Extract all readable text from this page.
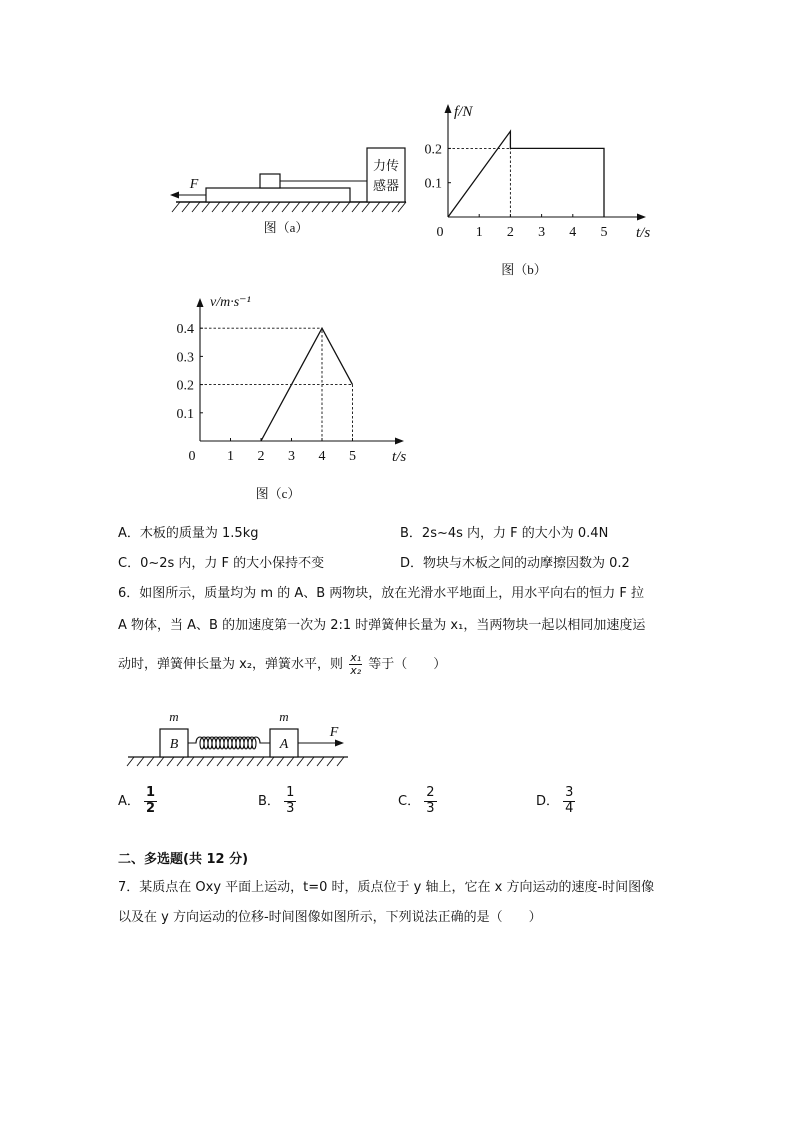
力传
感器
F
图（a）
f/N
t/s
图（b）
0 1 2 3 4 5
0.1
0.2
v/m·s⁻¹
t/s
图（c）
0 1 2 3 4 5
0.1
0.2
0.3
0.4
A．木板的质量为 1.5kg	B．2s~4s 内，力 F 的大小为 0.4N
C．0~2s 内，力 F 的大小保持不变	D．物块与木板之间的动摩擦因数为 0.2
6．如图所示，质量均为 m 的 A、B 两物块，放在光滑水平地面上，用水平向右的恒力 F 拉
A 物体，当 A、B 的加速度第一次为 2:1 时弹簧伸长量为 x₁，当两物块一起以相同加速度运
动时，弹簧伸长量为 x₂，弹簧水平，则 $\frac{\text{x₁}}{\text{x₂}}$ 等于（　　）
B
m
A
m
F
A． $\frac{1}{2}$	B． $\frac{1}{3}$	C． $\frac{2}{3}$	D． $\frac{3}{4}$
二、多选题(共 12 分)
7．某质点在 Oxy 平面上运动，t=0 时，质点位于 y 轴上，它在 x 方向运动的速度-时间图像
以及在 y 方向运动的位移-时间图像如图所示，下列说法正确的是（　　）
